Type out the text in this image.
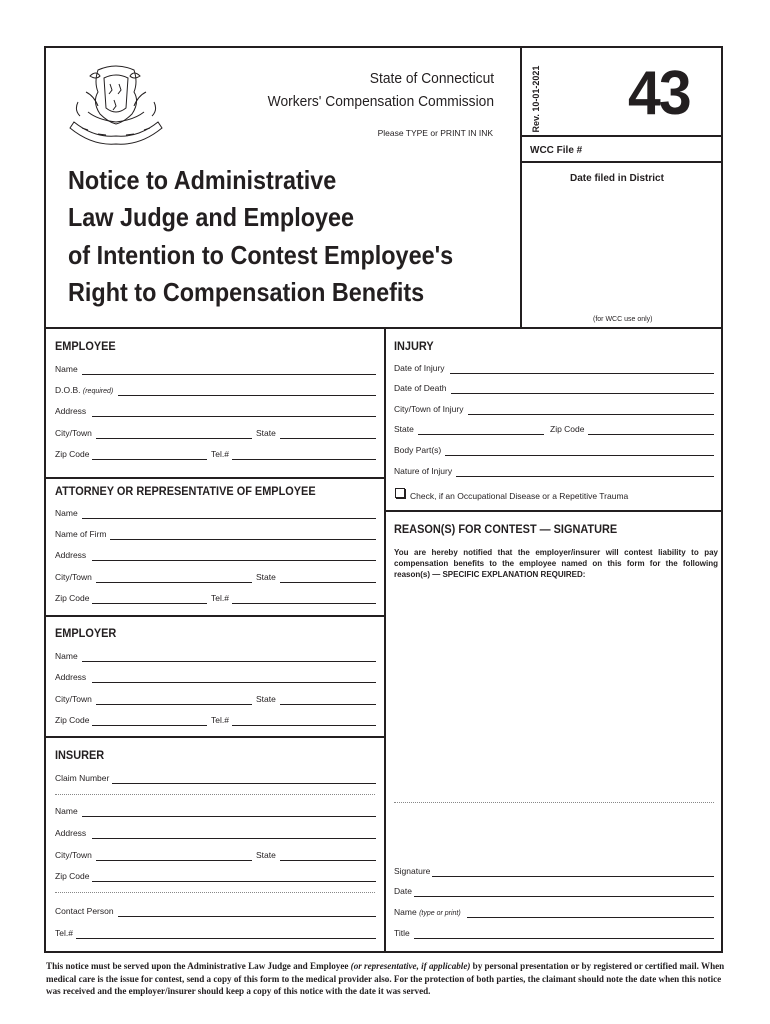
State of Connecticut
Workers' Compensation Commission
Please TYPE or PRINT IN INK
Rev. 10-01-2021 43
WCC File #
Date filed in District
(for WCC use only)
Notice to Administrative
Law Judge and Employee
of Intention to Contest Employee's
Right to Compensation Benefits
EMPLOYEE
Name
D.O.B. (required)
Address
City/Town	State
Zip Code	Tel.#
ATTORNEY OR REPRESENTATIVE OF EMPLOYEE
Name
Name of Firm
Address
City/Town	State
Zip Code	Tel.#
EMPLOYER
Name
Address
City/Town	State
Zip Code	Tel.#
INSURER
Claim Number
Name
Address
City/Town	State
Zip Code
Contact Person
Tel.#
INJURY
Date of Injury
Date of Death
City/Town of Injury
State	Zip Code
Body Part(s)
Nature of Injury
Check, if an Occupational Disease or a Repetitive Trauma
REASON(S) FOR CONTEST — SIGNATURE
You are hereby notified that the employer/insurer will contest liability to pay compensation benefits to the employee named on this form for the following reason(s) — SPECIFIC EXPLANATION REQUIRED:
Signature
Date
Name (type or print)
Title
This notice must be served upon the Administrative Law Judge and Employee (or representative, if applicable) by personal presentation or by registered or certified mail. When medical care is the issue for contest, send a copy of this form to the medical provider also. For the protection of both parties, the claimant should note the date when this notice was received and the employer/insurer should keep a copy of this notice with the date it was served.
